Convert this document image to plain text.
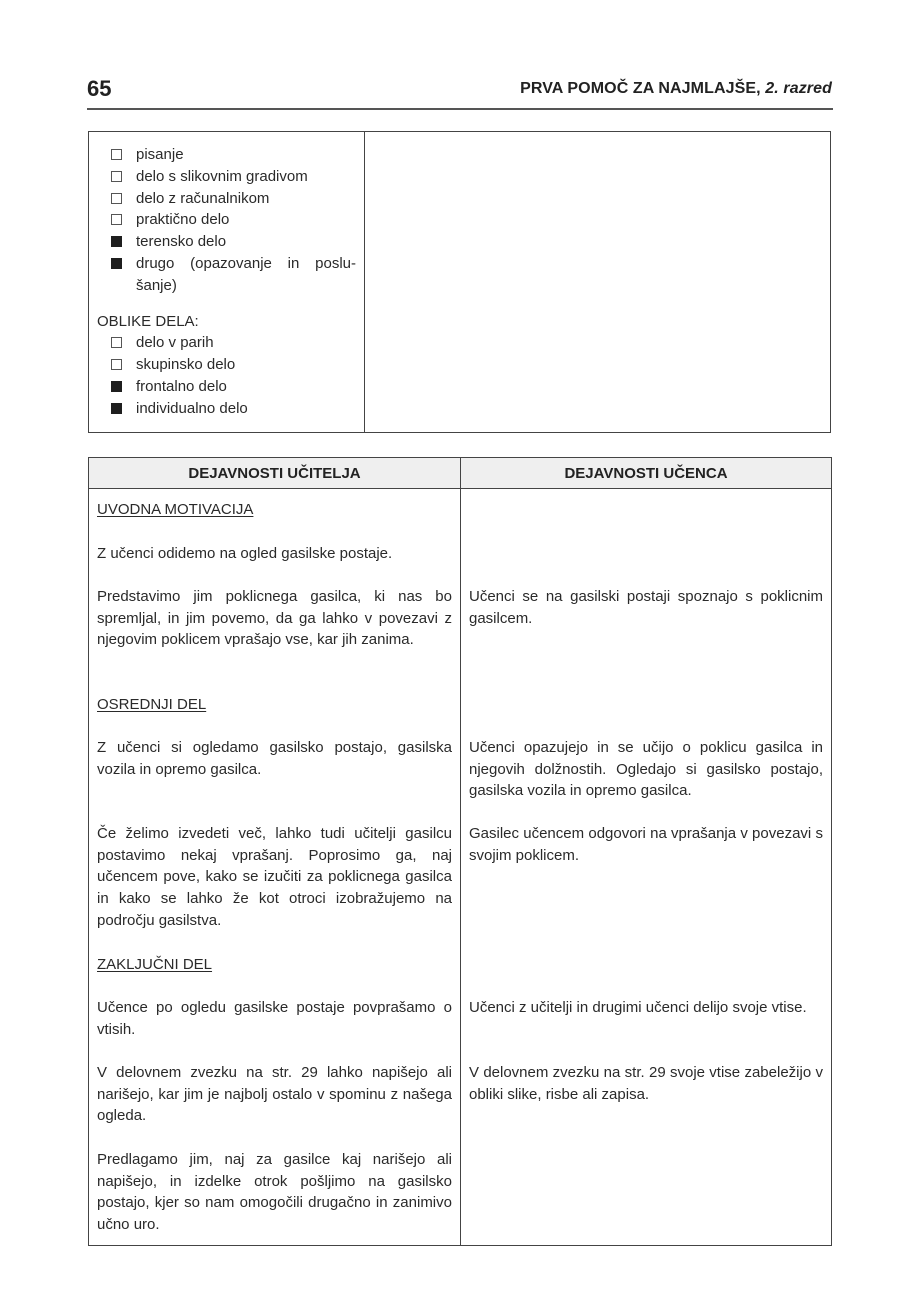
65	PRVA POMOČ ZA NAJMLAJŠE, 2. razred
pisanje
delo s slikovnim gradivom
delo z računalnikom
praktično delo
terensko delo
drugo (opazovanje in poslu- šanje)
OBLIKE DELA:
delo v parih
skupinsko delo
frontalno delo
individualno delo
DEJAVNOSTI UČITELJA	DEJAVNOSTI UČENCA
UVODNA MOTIVACIJA
Z učenci odidemo na ogled gasilske postaje.
Predstavimo jim poklicnega gasilca, ki nas bo spremljal, in jim povemo, da ga lahko v povezavi z njegovim poklicem vprašajo vse, kar jih zanima.
OSREDNJI DEL
Z učenci si ogledamo gasilsko postajo, gasilska vozila in opremo gasilca.
Če želimo izvedeti več, lahko tudi učitelji gasilcu postavimo nekaj vprašanj. Poprosimo ga, naj učencem pove, kako se izučiti za poklicnega gasilca in kako se lahko že kot otroci izobražujemo na področju gasilstva.
ZAKLJUČNI DEL
Učence po ogledu gasilske postaje povprašamo o vtisih.
V delovnem zvezku na str. 29 lahko napišejo ali narišejo, kar jim je najbolj ostalo v spominu z našega ogleda.
Predlagamo jim, naj za gasilce kaj narišejo ali napišejo, in izdelke otrok pošljimo na gasilsko postajo, kjer so nam omogočili drugačno in zanimivo učno uro.
Učenci se na gasilski postaji spoznajo s poklicnim gasilcem.
Učenci opazujejo in se učijo o poklicu gasilca in njegovih dolžnostih. Ogledajo si gasilsko postajo, gasilska vozila in opremo gasilca.
Gasilec učencem odgovori na vprašanja v povezavi s svojim poklicem.
Učenci z učitelji in drugimi učenci delijo svoje vtise.
V delovnem zvezku na str. 29 svoje vtise zabeležijo v obliki slike, risbe ali zapisa.
